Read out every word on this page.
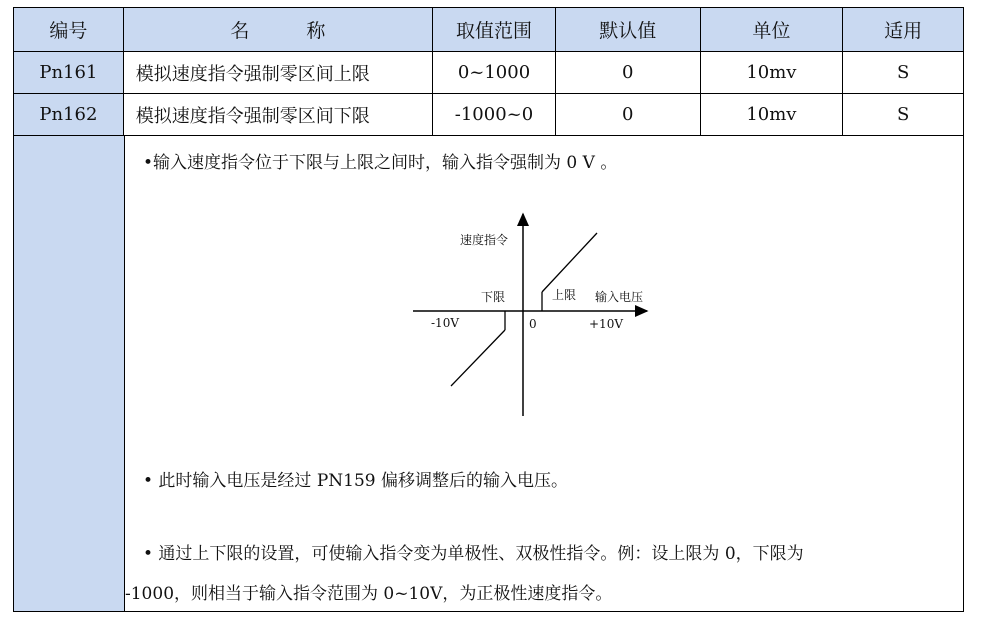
编号	名　　　称	取值范围	默认值	单位	适用
Pn161	模拟速度指令强制零区间上限	0~1000	0	10mv	S
Pn162	模拟速度指令强制零区间下限	-1000~0	0	10mv	S
•输入速度指令位于下限与上限之间时，输入指令强制为 0 V 。
速度指令
输入电压
上限
下限
-10V	0	+10V
• 此时输入电压是经过 PN159 偏移调整后的输入电压。
• 通过上下限的设置，可使输入指令变为单极性、双极性指令。例：设上限为 0，下限为
-1000，则相当于输入指令范围为 0~10V，为正极性速度指令。
